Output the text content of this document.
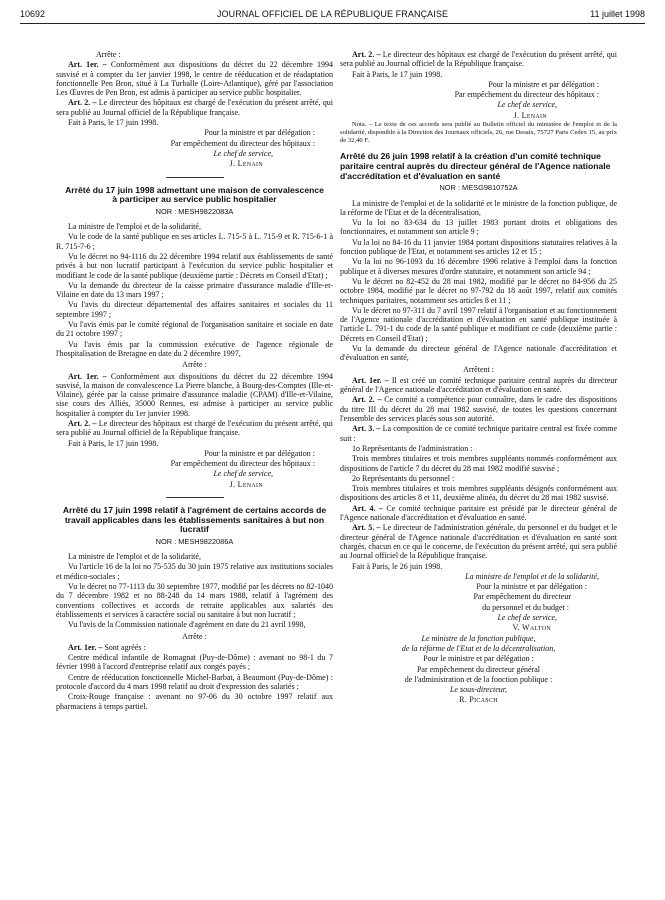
10692	JOURNAL OFFICIEL DE LA RÉPUBLIQUE FRANÇAISE	11 juillet 1998

Arrête :

Art. 1er. – Conformément aux dispositions du décret du 22 décembre 1994 susvisé et à compter du 1er janvier 1998, le centre de rééducation et de réadaptation fonctionnelle Pen Bron, situé à La Turballe (Loire-Atlantique), géré par l'association Les Œuvres de Pen Bron, est admis à participer au service public hospitalier.

Art. 2. – Le directeur des hôpitaux est chargé de l'exécution du présent arrêté, qui sera publié au Journal officiel de la République française.

Fait à Paris, le 17 juin 1998.

Pour la ministre et par délégation :

Par empêchement du directeur des hôpitaux :

Le chef de service,

J. Lenain

Arrêté du 17 juin 1998 admettant une maison de convalescence à participer au service public hospitalier

NOR : MESH9822083A

La ministre de l'emploi et de la solidarité,

Vu le code de la santé publique en ses articles L. 715-5 à L. 715-9 et R. 715-6-1 à R. 715-7-6 ;

Vu le décret no 94-1116 du 22 décembre 1994 relatif aux établissements de santé privés à but non lucratif participant à l'exécution du service public hospitalier et modifiant le code de la santé publique (deuxième partie : Décrets en Conseil d'Etat) ;

Vu la demande du directeur de la caisse primaire d'assurance maladie d'Ille-et-Vilaine en date du 13 mars 1997 ;

Vu l'avis du directeur départemental des affaires sanitaires et sociales du 11 septembre 1997 ;

Vu l'avis émis par le comité régional de l'organisation sanitaire et sociale en date du 21 octobre 1997 ;

Vu l'avis émis par la commission exécutive de l'agence régionale de l'hospitalisation de Bretagne en date du 2 décembre 1997,

Arrête :

Art. 1er. – Conformément aux dispositions du décret du 22 décembre 1994 susvisé, la maison de convalescence La Pierre blanche, à Bourg-des-Comptes (Ille-et-Vilaine), gérée par la caisse primaire d'assurance maladie (CPAM) d'Ille-et-Vilaine, sise cours des Alliés, 35000 Rennes, est admise à participer au service public hospitalier à compter du 1er janvier 1998.

Art. 2. – Le directeur des hôpitaux est chargé de l'exécution du présent arrêté, qui sera publié au Journal officiel de la République française.

Fait à Paris, le 17 juin 1998.

Pour la ministre et par délégation :

Par empêchement du directeur des hôpitaux :

Le chef de service,

J. Lenain

Arrêté du 17 juin 1998 relatif à l'agrément de certains accords de travail applicables dans les établissements sanitaires à but non lucratif

NOR : MESH9822086A

La ministre de l'emploi et de la solidarité,

Vu l'article 16 de la loi no 75-535 du 30 juin 1975 relative aux institutions sociales et médico-sociales ;

Vu le décret no 77-1113 du 30 septembre 1977, modifié par les décrets no 82-1040 du 7 décembre 1982 et no 88-248 du 14 mars 1988, relatif à l'agrément des conventions collectives et accords de retraite applicables aux salariés des établissements et services à caractère social ou sanitaire à but non lucratif ;

Vu l'avis de la Commission nationale d'agrément en date du 21 avril 1998,

Arrête :

Art. 1er. – Sont agréés :

Centre médical infantile de Romagnat (Puy-de-Dôme) : avenant no 98-1 du 7 février 1998 à l'accord d'entreprise relatif aux congés payés ;

Centre de rééducation fonctionnelle Michel-Barbat, à Beaumont (Puy-de-Dôme) : protocole d'accord du 4 mars 1998 relatif au droit d'expression des salariés ;

Croix-Rouge française : avenant no 97-06 du 30 octobre 1997 relatif aux pharmaciens à temps partiel.

Art. 2. – Le directeur des hôpitaux est chargé de l'exécution du présent arrêté, qui sera publié au Journal officiel de la République française.

Fait à Paris, le 17 juin 1998.

Pour la ministre et par délégation :

Par empêchement du directeur des hôpitaux :

Le chef de service,

J. Lenain

Nota. – Le texte de ces accords sera publié au Bulletin officiel du ministère de l'emploi et de la solidarité, disponible à la Direction des Journaux officiels, 26, rue Desaix, 75727 Paris Cedex 15, au prix de 32,40 F.

Arrêté du 26 juin 1998 relatif à la création d'un comité technique paritaire central auprès du directeur général de l'Agence nationale d'accréditation et d'évaluation en santé

NOR : MESG9810752A

La ministre de l'emploi et de la solidarité et le ministre de la fonction publique, de la réforme de l'Etat et de la décentralisation,

Vu la loi no 83-634 du 13 juillet 1983 portant droits et obligations des fonctionnaires, et notamment son article 9 ;

Vu la loi no 84-16 du 11 janvier 1984 portant dispositions statutaires relatives à la fonction publique de l'Etat, et notamment ses articles 12 et 15 ;

Vu la loi no 96-1093 du 16 décembre 1996 relative à l'emploi dans la fonction publique et à diverses mesures d'ordre statutaire, et notamment son article 94 ;

Vu le décret no 82-452 du 28 mai 1982, modifié par le décret no 84-956 du 25 octobre 1984, modifié par le décret no 97-792 du 18 août 1997, relatif aux comités techniques paritaires, notamment ses articles 8 et 11 ;

Vu le décret no 97-311 du 7 avril 1997 relatif à l'organisation et au fonctionnement de l'Agence nationale d'accréditation et d'évaluation en santé publique instituée à l'article L. 791-1 du code de la santé publique et modifiant ce code (deuxième partie : Décrets en Conseil d'Etat) ;

Vu la demande du directeur général de l'Agence nationale d'accréditation et d'évaluation en santé,

Arrêtent :

Art. 1er. – Il est créé un comité technique paritaire central auprès du directeur général de l'Agence nationale d'accréditation et d'évaluation en santé.

Art. 2. – Ce comité a compétence pour connaître, dans le cadre des dispositions du titre III du décret du 28 mai 1982 susvisé, de toutes les questions concernant l'ensemble des services placés sous son autorité.

Art. 3. – La composition de ce comité technique paritaire central est fixée comme suit :

1o Représentants de l'administration :

Trois membres titulaires et trois membres suppléants nommés conformément aux dispositions de l'article 7 du décret du 28 mai 1982 modifié susvisé ;

2o Représentants du personnel :

Trois membres titulaires et trois membres suppléants désignés conformément aux dispositions des articles 8 et 11, deuxième alinéa, du décret du 28 mai 1982 susvisé.

Art. 4. – Ce comité technique paritaire est présidé par le directeur général de l'Agence nationale d'accréditation et d'évaluation en santé.

Art. 5. – Le directeur de l'administration générale, du personnel et du budget et le directeur général de l'Agence nationale d'accréditation et d'évaluation en santé sont chargés, chacun en ce qui le concerne, de l'exécution du présent arrêté, qui sera publié au Journal officiel de la République française.

Fait à Paris, le 26 juin 1998.

La ministre de l'emploi et de la solidarité,

Pour la ministre et par délégation :

Par empêchement du directeur

du personnel et du budget :

Le chef de service,

V. Walton

Le ministre de la fonction publique,

de la réforme de l'Etat et de la décentralisation,

Pour le ministre et par délégation :

Par empêchement du directeur général

de l'administration et de la fonction publique :

Le sous-directeur,

R. Picasch
